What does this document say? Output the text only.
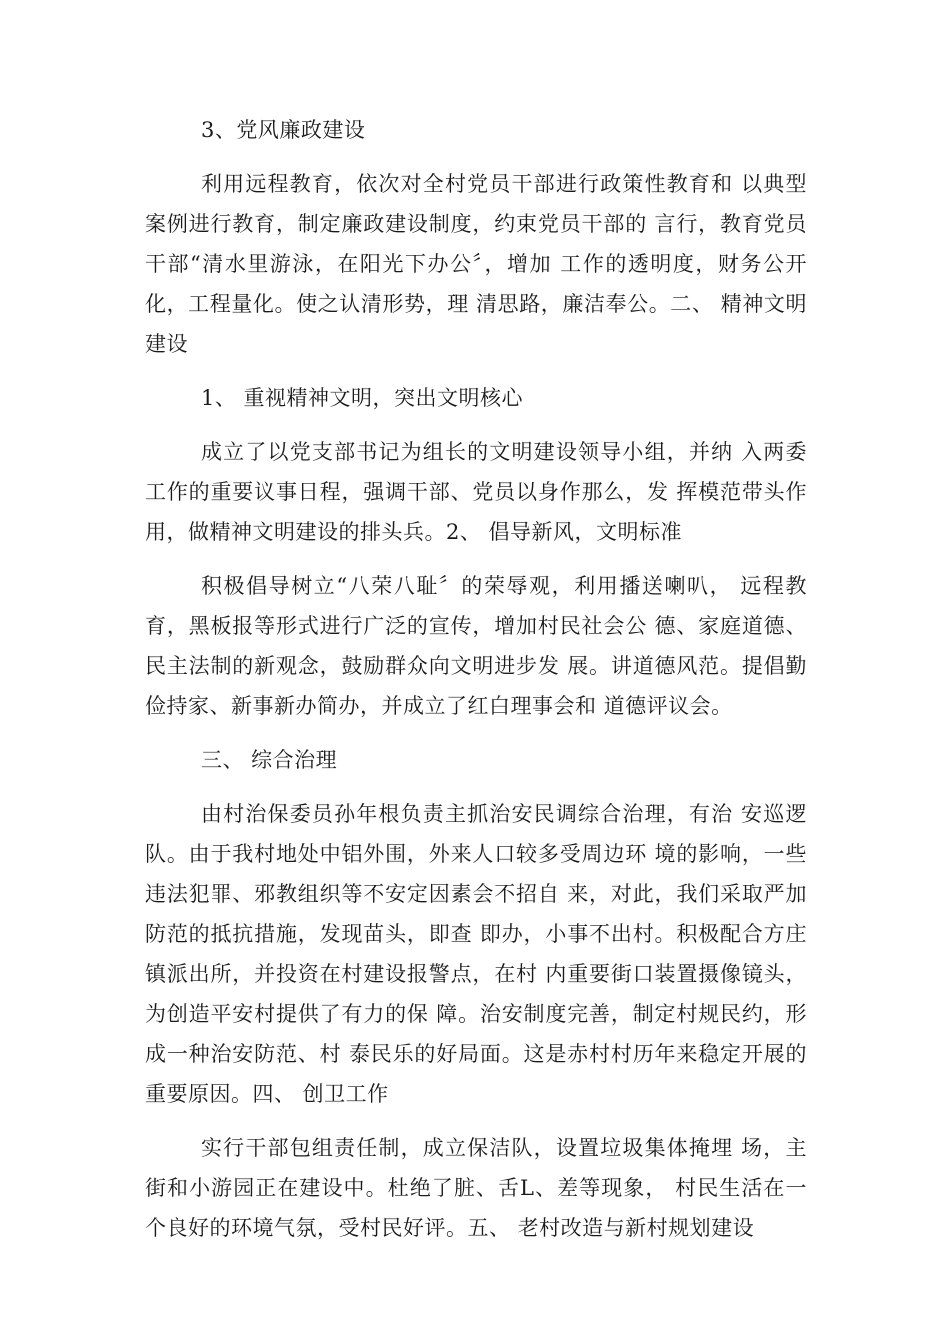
3、党风廉政建设

利用远程教育，依次对全村党员干部进行政策性教育和 以典型案例进行教育，制定廉政建设制度，约束党员干部的 言行，教育党员干部“清水里游泳，在阳光下办公〞，增加 工作的透明度，财务公开化，工程量化。使之认清形势，理 清思路，廉洁奉公。二、 精神文明建设

1、 重视精神文明，突出文明核心

成立了以党支部书记为组长的文明建设领导小组，并纳 入两委工作的重要议事日程，强调干部、党员以身作那么，发 挥模范带头作用，做精神文明建设的排头兵。2、 倡导新风，文明标准

积极倡导树立“八荣八耻〞的荣辱观，利用播送喇叭， 远程教育，黑板报等形式进行广泛的宣传，增加村民社会公 德、家庭道德、民主法制的新观念，鼓励群众向文明进步发 展。讲道德风范。提倡勤俭持家、新事新办简办，并成立了红白理事会和 道德评议会。

三、 综合治理

由村治保委员孙年根负责主抓治安民调综合治理，有治 安巡逻队。由于我村地处中铝外围，外来人口较多受周边环 境的影响，一些违法犯罪、邪教组织等不安定因素会不招自 来，对此，我们采取严加防范的抵抗措施，发现苗头，即查 即办，小事不出村。积极配合方庄镇派出所，并投资在村建设报警点，在村 内重要街口装置摄像镜头，为创造平安村提供了有力的保 障。治安制度完善，制定村规民约，形成一种治安防范、村 泰民乐的好局面。这是赤村村历年来稳定开展的重要原因。四、 创卫工作

实行干部包组责任制，成立保洁队，设置垃圾集体掩埋 场，主街和小游园正在建设中。杜绝了脏、舌L、差等现象， 村民生活在一个良好的环境气氛，受村民好评。五、 老村改造与新村规划建设
